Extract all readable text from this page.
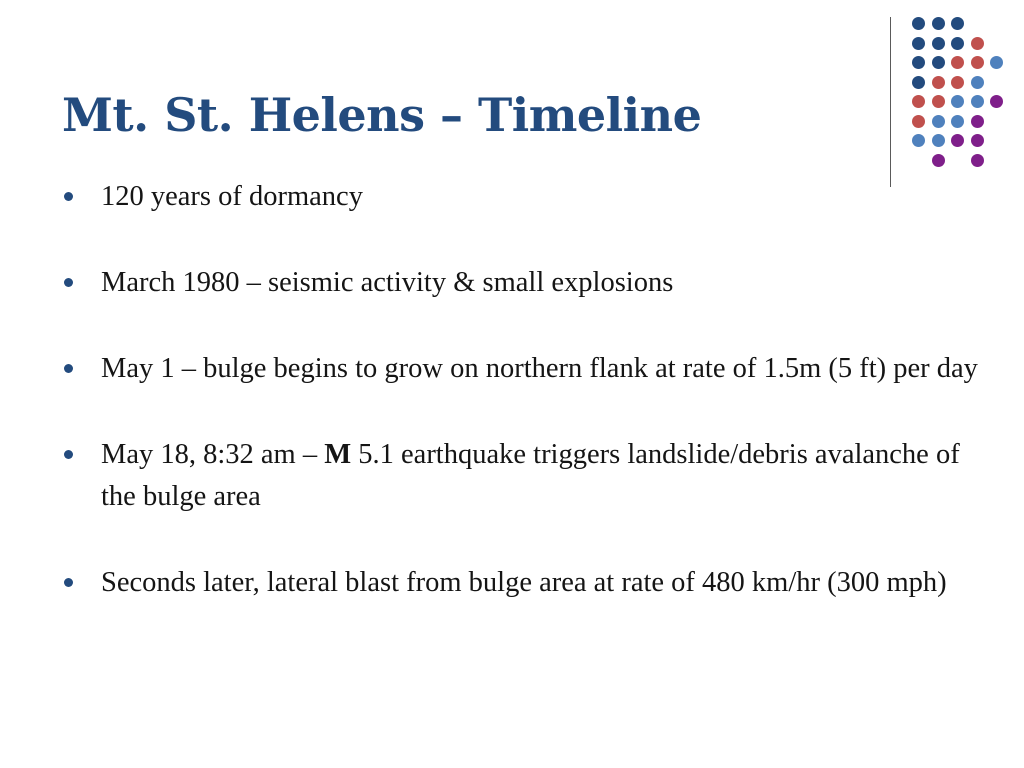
Mt. St. Helens – Timeline
120 years of dormancy
March 1980 – seismic activity & small explosions
May 1 – bulge begins to grow on northern flank at rate of 1.5m (5 ft) per day
May 18, 8:32 am – M 5.1 earthquake triggers landslide/debris avalanche of the bulge area
Seconds later, lateral blast from bulge area at rate of 480 km/hr (300 mph)
